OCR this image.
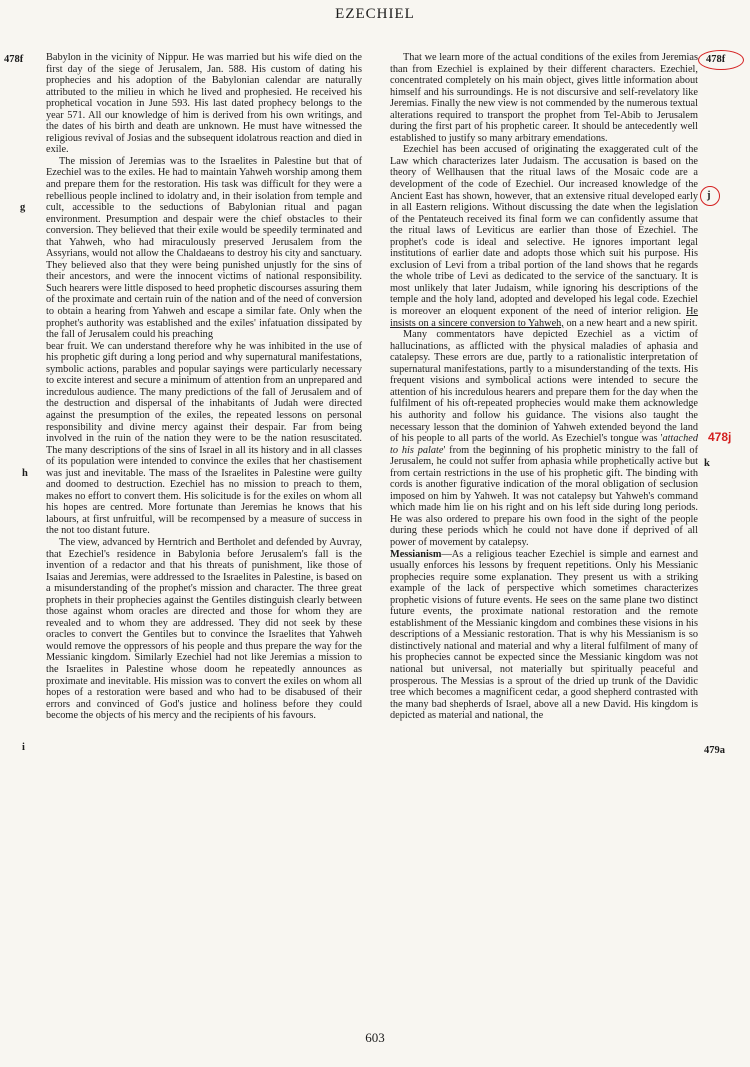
EZECHIEL
478f
g
h
i
478f
j
478j
k
479a

Babylon in the vicinity of Nippur. He was married but his wife died on the first day of the siege of Jerusalem, Jan. 588. His custom of dating his prophecies and his adoption of the Babylonian calendar are naturally attributed to the milieu in which he lived and prophesied. He received his prophetical vocation in June 593. His last dated prophecy belongs to the year 571. All our knowledge of him is derived from his own writings, and the dates of his birth and death are unknown. He must have witnessed the religious revival of Josias and the subsequent idolatrous reaction and died in exile.

The mission of Jeremias was to the Israelites in Palestine but that of Ezechiel was to the exiles. He had to maintain Yahweh worship among them and prepare them for the restoration. His task was difficult for they were a rebellious people inclined to idolatry and, in their isolation from temple and cult, accessible to the seductions of Babylonian ritual and pagan environment. Presumption and despair were the chief obstacles to their conversion. They believed that their exile would be speedily terminated and that Yahweh, who had miraculously preserved Jerusalem from the Assyrians, would not allow the Chaldaeans to destroy his city and sanctuary. They believed also that they were being punished unjustly for the sins of their ancestors, and were the innocent victims of national responsibility. Such hearers were little disposed to heed prophetic discourses assuring them of the proximate and certain ruin of the nation and of the need of conversion to obtain a hearing from Yahweh and escape a similar fate. Only when the prophet's authority was established and the exiles' infatuation dissipated by the fall of Jerusalem could his preaching

bear fruit. We can understand therefore why he was inhibited in the use of his prophetic gift during a long period and why supernatural manifestations, symbolic actions, parables and popular sayings were particularly necessary to excite interest and secure a minimum of attention from an unprepared and incredulous audience. The many predictions of the fall of Jerusalem and of the destruction and dispersal of the inhabitants of Judah were directed against the presumption of the exiles, the repeated lessons on personal responsibility and divine mercy against their despair. Far from being involved in the ruin of the nation they were to be the nation resuscitated. The many descriptions of the sins of Israel in all its history and in all classes of its population were intended to convince the exiles that her chastisement was just and inevitable. The mass of the Israelites in Palestine were guilty and doomed to destruction. Ezechiel has no mission to preach to them, makes no effort to convert them. His solicitude is for the exiles on whom all his hopes are centred. More fortunate than Jeremias he knows that his labours, at first unfruitful, will be recompensed by a measure of success in the not too distant future.

The view, advanced by Herntrich and Bertholet and defended by Auvray, that Ezechiel's residence in Babylonia before Jerusalem's fall is the invention of a redactor and that his threats of punishment, like those of Isaias and Jeremias, were addressed to the Israelites in Palestine, is based on a misunderstanding of the prophet's mission and character. The three great prophets in their prophecies against the Gentiles distinguish clearly between those against whom oracles are directed and those for whom they are revealed and to whom they are addressed. They did not seek by these oracles to convert the Gentiles but to convince the Israelites that Yahweh would remove the oppressors of his people and thus prepare the way for the Messianic kingdom. Similarly Ezechiel had not like Jeremias a mission to the Israelites in Palestine whose doom he repeatedly announces as proximate and inevitable. His mission was to convert the exiles on whom all hopes of a restoration were based and who had to be disabused of their errors and convinced of God's justice and holiness before they could become the objects of his mercy and the recipients of his favours.

That we learn more of the actual conditions of the exiles from Jeremias than from Ezechiel is explained by their different characters. Ezechiel, concentrated completely on his main object, gives little information about himself and his surroundings. He is not discursive and self-revelatory like Jeremias. Finally the new view is not commended by the numerous textual alterations required to transport the prophet from Tel-Abib to Jerusalem during the first part of his prophetic career. It should be antecedently well established to justify so many arbitrary emendations.

Ezechiel has been accused of originating the exaggerated cult of the Law which characterizes later Judaism. The accusation is based on the theory of Wellhausen that the ritual laws of the Mosaic code are a development of the code of Ezechiel. Our increased knowledge of the Ancient East has shown, however, that an extensive ritual developed early in all Eastern religions. Without discussing the date when the legislation of the Pentateuch received its final form we can confidently assume that the ritual laws of Leviticus are earlier than those of Ezechiel. The prophet's code is ideal and selective. He ignores important legal institutions of earlier date and adopts those which suit his purpose. His exclusion of Levi from a tribal portion of the land shows that he regards the whole tribe of Levi as dedicated to the service of the sanctuary. It is most unlikely that later Judaism, while ignoring his descriptions of the temple and the holy land, adopted and developed his legal code. Ezechiel is moreover an eloquent exponent of the need of interior religion. He insists on a sincere conversion to Yahweh, on a new heart and a new spirit.

Many commentators have depicted Ezechiel as a victim of hallucinations, as afflicted with the physical maladies of aphasia and catalepsy. These errors are due, partly to a rationalistic interpretation of supernatural manifestations, partly to a misunderstanding of the texts. His frequent visions and symbolical actions were intended to secure the attention of his incredulous hearers and prepare them for the day when the fulfilment of his oft-repeated prophecies would make them acknowledge his authority and follow his guidance. The visions also taught the necessary lesson that the dominion of Yahweh extended beyond the land of his people to all parts of the world. As Ezechiel's tongue was 'attached to his palate' from the beginning of his prophetic ministry to the fall of Jerusalem, he could not suffer from aphasia while prophetically active but from certain restrictions in the use of his prophetic gift. The binding with cords is another figurative indication of the moral obligation of seclusion imposed on him by Yahweh. It was not catalepsy but Yahweh's command which made him lie on his right and on his left side during long periods. He was also ordered to prepare his own food in the sight of the people during these periods which he could not have done if deprived of all power of movement by catalepsy.

Messianism—As a religious teacher Ezechiel is simple and earnest and usually enforces his lessons by frequent repetitions. Only his Messianic prophecies require some explanation. They present us with a striking example of the lack of perspective which sometimes characterizes prophetic visions of future events. He sees on the same plane two distinct future events, the proximate national restoration and the remote establishment of the Messianic kingdom and combines these visions in his descriptions of a Messianic restoration. That is why his Messianism is so distinctively national and material and why a literal fulfilment of many of his prophecies cannot be expected since the Messianic kingdom was not national but universal, not materially but spiritually peaceful and prosperous. The Messias is a sprout of the dried up trunk of the Davidic tree which becomes a magnificent cedar, a good shepherd contrasted with the many bad shepherds of Israel, above all a new David. His kingdom is depicted as material and national, the

603
